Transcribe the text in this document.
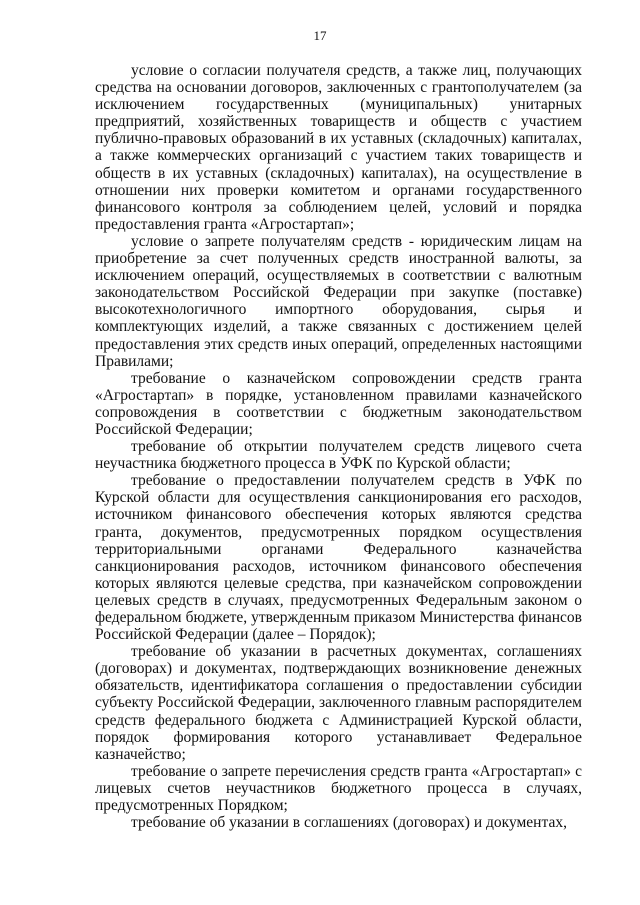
17

условие о согласии получателя средств, а также лиц, получающих средства на основании договоров, заключенных с грантополучателем (за исключением государственных (муниципальных) унитарных предприятий, хозяйственных товариществ и обществ с участием публично-правовых образований в их уставных (складочных) капиталах, а также коммерческих организаций с участием таких товариществ и обществ в их уставных (складочных) капиталах), на осуществление в отношении них проверки комитетом и органами государственного финансового контроля за соблюдением целей, условий и порядка предоставления гранта «Агростартап»;

условие о запрете получателям средств - юридическим лицам на приобретение за счет полученных средств иностранной валюты, за исключением операций, осуществляемых в соответствии с валютным законодательством Российской Федерации при закупке (поставке) высокотехнологичного импортного оборудования, сырья и комплектующих изделий, а также связанных с достижением целей предоставления этих средств иных операций, определенных настоящими Правилами;

требование о казначейском сопровождении средств гранта «Агростартап» в порядке, установленном правилами казначейского сопровождения в соответствии с бюджетным законодательством Российской Федерации;

требование об открытии получателем средств лицевого счета неучастника бюджетного процесса в УФК по Курской области;

требование о предоставлении получателем средств в УФК по Курской области для осуществления санкционирования его расходов, источником финансового обеспечения которых являются средства гранта, документов, предусмотренных порядком осуществления территориальными органами Федерального казначейства санкционирования расходов, источником финансового обеспечения которых являются целевые средства, при казначейском сопровождении целевых средств в случаях, предусмотренных Федеральным законом о федеральном бюджете, утвержденным приказом Министерства финансов Российской Федерации (далее – Порядок);

требование об указании в расчетных документах, соглашениях (договорах) и документах, подтверждающих возникновение денежных обязательств, идентификатора соглашения о предоставлении субсидии субъекту Российской Федерации, заключенного главным распорядителем средств федерального бюджета с Администрацией Курской области, порядок формирования которого устанавливает Федеральное казначейство;

требование о запрете перечисления средств гранта «Агростартап» с лицевых счетов неучастников бюджетного процесса в случаях, предусмотренных Порядком;

требование об указании в соглашениях (договорах) и документах,
